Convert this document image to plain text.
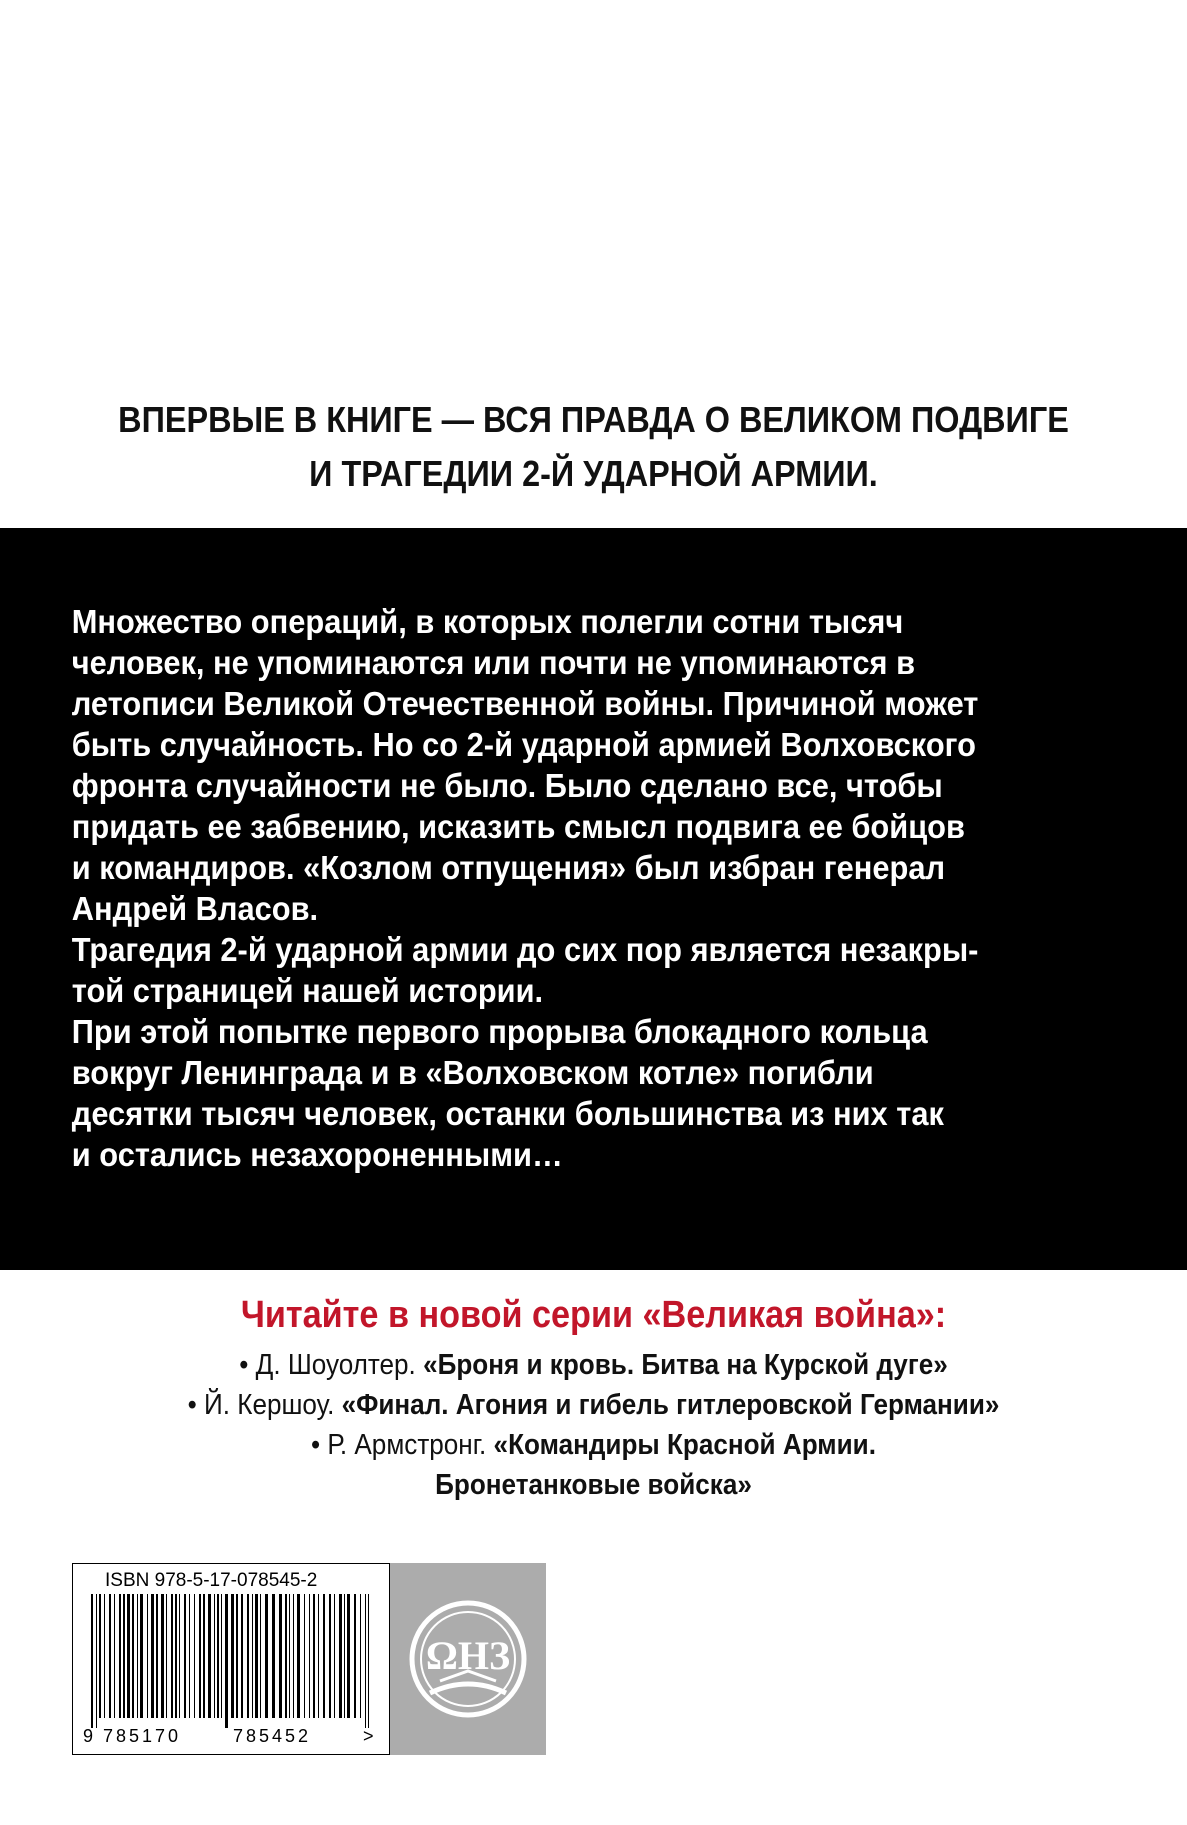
ВПЕРВЫЕ В КНИГЕ — ВСЯ ПРАВДА О ВЕЛИКОМ ПОДВИГЕ
И ТРАГЕДИИ 2-Й УДАРНОЙ АРМИИ.

Множество операций, в которых полегли сотни тысяч

человек, не упоминаются или почти не упоминаются в

летописи Великой Отечественной войны. Причиной может

быть случайность. Но со 2-й ударной армией Волховского

фронта случайности не было. Было сделано все, чтобы

придать ее забвению, исказить смысл подвига ее бойцов

и командиров. «Козлом отпущения» был избран генерал

Андрей Власов.

Трагедия 2-й ударной армии до сих пор является незакры-

той страницей нашей истории.

При этой попытке первого прорыва блокадного кольца

вокруг Ленинграда и в «Волховском котле» погибли

десятки тысяч человек, останки большинства из них так

и остались незахороненными…

Читайте в новой серии «Великая война»:
• Д. Шоуолтер. «Броня и кровь. Битва на Курской дуге»
• Й. Кершоу. «Финал. Агония и гибель гитлеровской Германии»
• Р. Армстронг. «Командиры Красной Армии.
Бронетанковые войска»
ISBN 978-5-17-078545-2
9 785170	785452	>
ΩНЗ
